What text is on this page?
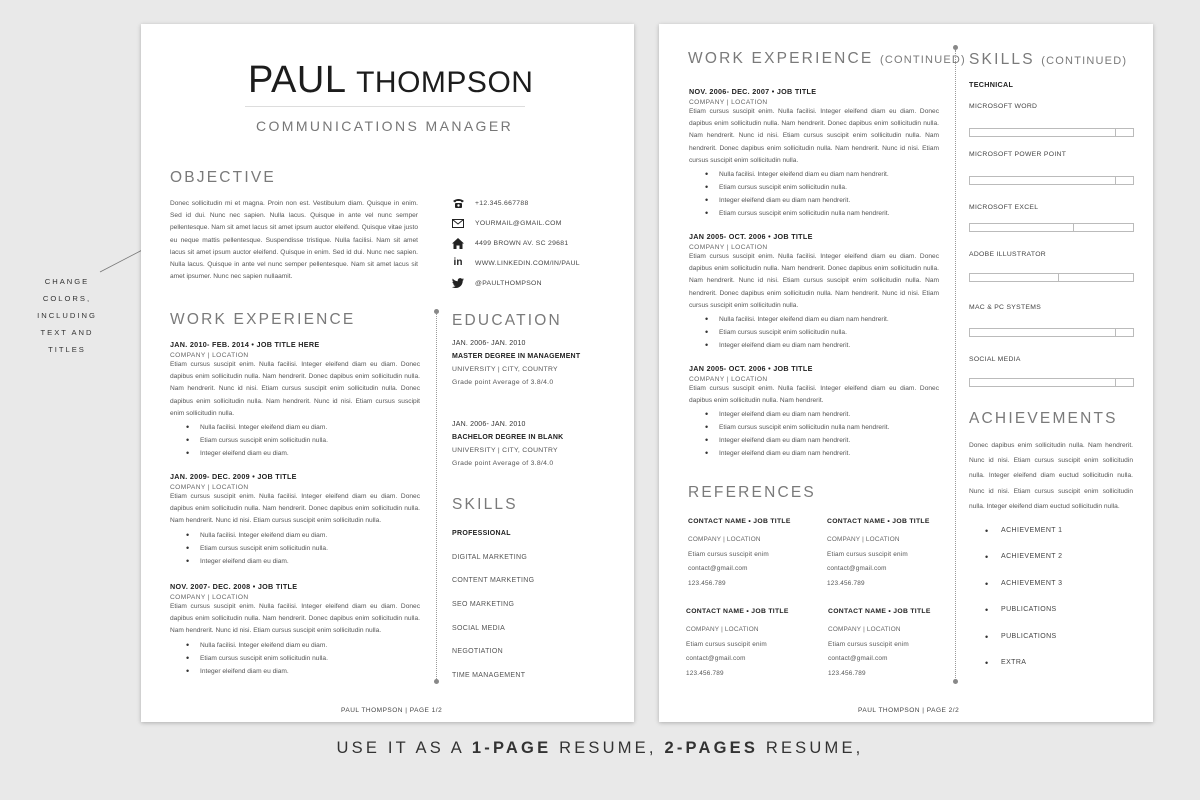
CHANGE
COLORS,
INCLUDING
TEXT AND
TITLES
PAUL THOMPSON
COMMUNICATIONS MANAGER
OBJECTIVE
Donec sollicitudin mi et magna. Proin non est. Vestibulum diam. Quisque in enim. Sed id dui. Nunc nec sapien. Nulla lacus. Quisque in ante vel nunc semper pellentesque. Nam sit amet lacus sit amet ipsum auctor eleifend. Quisque vitae justo eu neque mattis pellentesque. Suspendisse tristique. Nulla facilisi. Nam sit amet lacus sit amet ipsum auctor eleifend. Quisque in enim. Sed id dui. Nunc nec sapien. Nulla lacus. Quisque in ante vel nunc semper pellentesque. Nam sit amet lacus sit amet ipsumer. Nunc nec sapien nullaamit.
+12.345.667788
YOURMAIL@GMAIL.COM
4499 BROWN AV. SC 29681
in WWW.LINKEDIN.COM/IN/PAUL
@PAULTHOMPSON
WORK EXPERIENCE
JAN. 2010- FEB. 2014 • JOB TITLE HERE
COMPANY | LOCATION
Etiam cursus suscipit enim. Nulla facilisi. Integer eleifend diam eu diam. Donec dapibus enim sollicitudin nulla. Nam hendrerit. Donec dapibus enim sollicitudin nulla. Nam hendrerit. Nunc id nisi. Etiam cursus suscipit enim sollicitudin nulla. Donec dapibus enim sollicitudin nulla. Nam hendrerit. Nunc id nisi. Etiam cursus suscipit enim sollicitudin nulla.
• Nulla facilisi. Integer eleifend diam eu diam.
• Etiam cursus suscipit enim sollicitudin nulla.
• Integer eleifend diam eu diam.
JAN. 2009- DEC. 2009 • JOB TITLE
COMPANY | LOCATION
Etiam cursus suscipit enim. Nulla facilisi. Integer eleifend diam eu diam. Donec dapibus enim sollicitudin nulla. Nam hendrerit. Donec dapibus enim sollicitudin nulla. Nam hendrerit. Nunc id nisi. Etiam cursus suscipit enim sollicitudin nulla.
• Nulla facilisi. Integer eleifend diam eu diam.
• Etiam cursus suscipit enim sollicitudin nulla.
• Integer eleifend diam eu diam.
NOV. 2007- DEC. 2008 • JOB TITLE
COMPANY | LOCATION
Etiam cursus suscipit enim. Nulla facilisi. Integer eleifend diam eu diam. Donec dapibus enim sollicitudin nulla. Nam hendrerit. Donec dapibus enim sollicitudin nulla. Nam hendrerit. Nunc id nisi. Etiam cursus suscipit enim sollicitudin nulla.
• Nulla facilisi. Integer eleifend diam eu diam.
• Etiam cursus suscipit enim sollicitudin nulla.
• Integer eleifend diam eu diam.
EDUCATION
JAN. 2006- JAN. 2010
MASTER DEGREE IN MANAGEMENT
UNIVERSITY | CITY, COUNTRY
Grade point Average of 3.8/4.0
JAN. 2006- JAN. 2010
BACHELOR DEGREE IN BLANK
UNIVERSITY | CITY, COUNTRY
Grade point Average of 3.8/4.0
SKILLS
PROFESSIONAL
DIGITAL MARKETING
CONTENT MARKETING
SEO MARKETING
SOCIAL MEDIA
NEGOTIATION
TIME MANAGEMENT
PAUL THOMPSON | PAGE 1/2
WORK EXPERIENCE (CONTINUED)
NOV. 2006- DEC. 2007 • JOB TITLE
COMPANY | LOCATION
Etiam cursus suscipit enim. Nulla facilisi. Integer eleifend diam eu diam. Donec dapibus enim sollicitudin nulla. Nam hendrerit. Donec dapibus enim sollicitudin nulla. Nam hendrerit. Nunc id nisi. Etiam cursus suscipit enim sollicitudin nulla. Nam hendrerit. Donec dapibus enim sollicitudin nulla. Nam hendrerit. Nunc id nisi. Etiam cursus suscipit enim sollicitudin nulla.
• Nulla facilisi. Integer eleifend diam eu diam nam hendrerit.
• Etiam cursus suscipit enim sollicitudin nulla.
• Integer eleifend diam eu diam nam hendrerit.
• Etiam cursus suscipit enim sollicitudin nulla nam hendrerit.
JAN 2005- OCT. 2006 • JOB TITLE
COMPANY | LOCATION
Etiam cursus suscipit enim. Nulla facilisi. Integer eleifend diam eu diam. Donec dapibus enim sollicitudin nulla. Nam hendrerit. Donec dapibus enim sollicitudin nulla. Nam hendrerit. Nunc id nisi. Etiam cursus suscipit enim sollicitudin nulla. Nam hendrerit. Donec dapibus enim sollicitudin nulla. Nam hendrerit. Nunc id nisi. Etiam cursus suscipit enim sollicitudin nulla.
• Nulla facilisi. Integer eleifend diam eu diam nam hendrerit.
• Etiam cursus suscipit enim sollicitudin nulla.
• Integer eleifend diam eu diam nam hendrerit.
JAN 2005- OCT. 2006 • JOB TITLE
COMPANY | LOCATION
Etiam cursus suscipit enim. Nulla facilisi. Integer eleifend diam eu diam. Donec dapibus enim sollicitudin nulla. Nam hendrerit.
• Integer eleifend diam eu diam nam hendrerit.
• Etiam cursus suscipit enim sollicitudin nulla nam hendrerit.
• Integer eleifend diam eu diam nam hendrerit.
• Integer eleifend diam eu diam nam hendrerit.
REFERENCES
CONTACT NAME • JOB TITLE
COMPANY | LOCATION
Etiam cursus suscipit enim
contact@gmail.com
123.456.789
CONTACT NAME • JOB TITLE
COMPANY | LOCATION
Etiam cursus suscipit enim
contact@gmail.com
123.456.789
CONTACT NAME • JOB TITLE
COMPANY | LOCATION
Etiam cursus suscipit enim
contact@gmail.com
123.456.789
CONTACT NAME • JOB TITLE
COMPANY | LOCATION
Etiam cursus suscipit enim
contact@gmail.com
123.456.789
SKILLS (CONTINUED)
TECHNICAL
MICROSOFT WORD
MICROSOFT POWER POINT
MICROSOFT EXCEL
ADOBE ILLUSTRATOR
MAC & PC SYSTEMS
SOCIAL MEDIA
ACHIEVEMENTS
Donec dapibus enim sollicitudin nulla. Nam hendrerit. Nunc id nisi. Etiam cursus suscipit enim sollicitudin nulla. Integer eleifend diam euctud sollicitudin nulla. Nunc id nisi. Etiam cursus suscipit enim sollicitudin nulla. Integer eleifend diam euctud sollicitudin nulla.
• ACHIEVEMENT 1
• ACHIEVEMENT 2
• ACHIEVEMENT 3
• PUBLICATIONS
• PUBLICATIONS
• EXTRA
PAUL THOMPSON | PAGE 2/2
USE IT AS A 1-PAGE RESUME, 2-PAGES RESUME,
